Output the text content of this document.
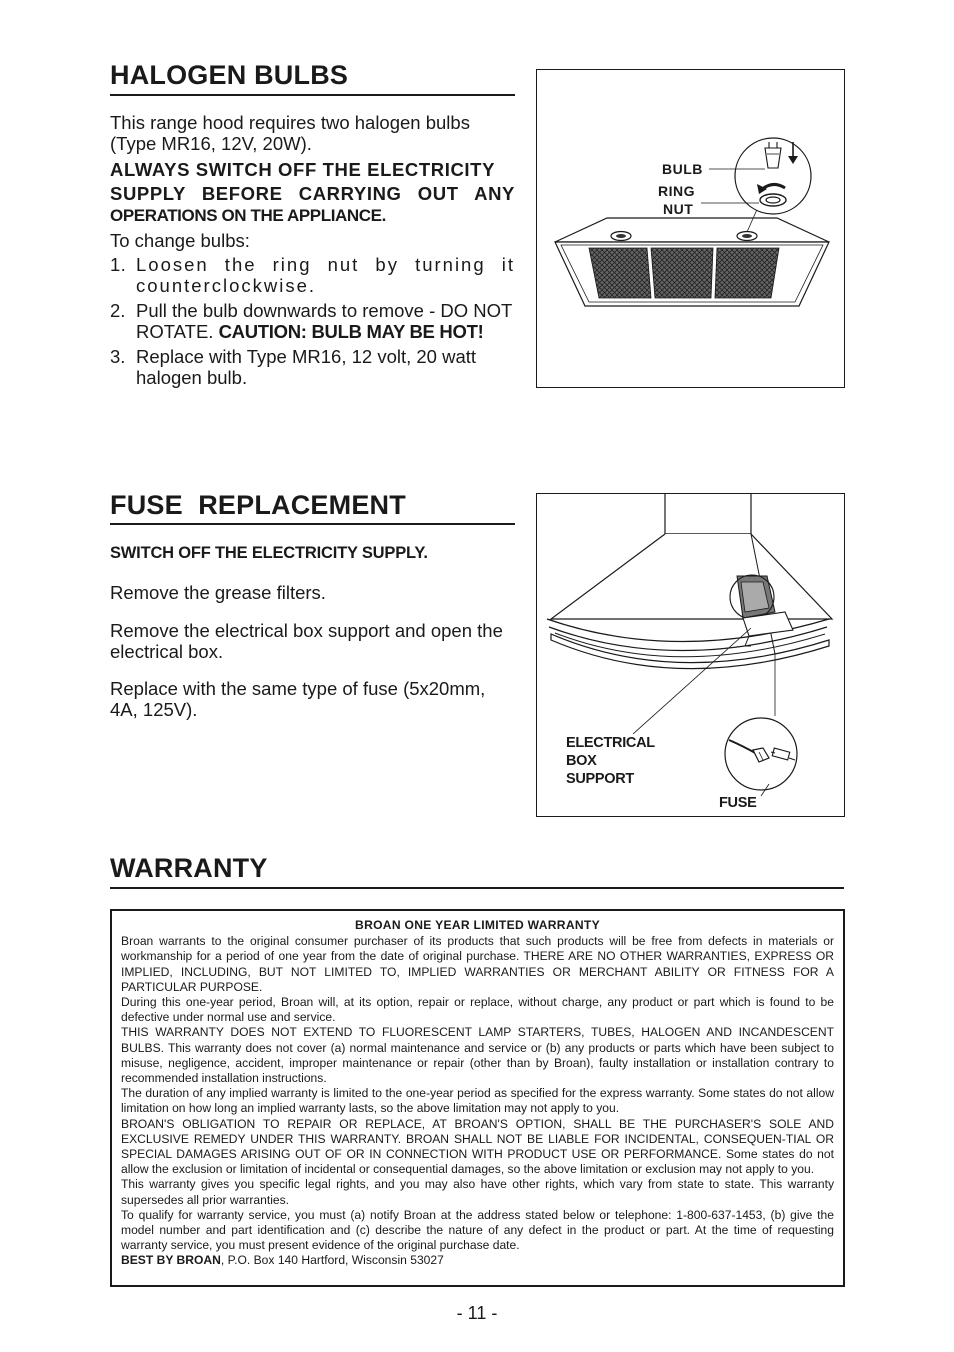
HALOGEN BULBS
This range hood requires two halogen bulbs (Type MR16, 12V, 20W).
ALWAYS SWITCH OFF THE ELECTRICITY
SUPPLY BEFORE CARRYING OUT ANY
OPERATIONS ON THE APPLIANCE.
To change bulbs:
1. Loosen the ring nut by turning it counterclockwise.
2. Pull the bulb downwards to remove - DO NOT ROTATE. CAUTION: BULB MAY BE HOT!
3. Replace with Type MR16, 12 volt, 20 watt halogen bulb.
BULB
RING
NUT
FUSE  REPLACEMENT
SWITCH OFF THE ELECTRICITY SUPPLY.
Remove the grease filters.
Remove the electrical box support and open the electrical box.
Replace with the same type of fuse (5x20mm, 4A, 125V).
ELECTRICAL
BOX
SUPPORT
FUSE
WARRANTY

BROAN ONE YEAR LIMITED WARRANTY

Broan warrants to the original consumer purchaser of its products that such products will be free from defects in materials or workmanship for a period of one year from the date of original purchase. THERE ARE NO OTHER WARRANTIES, EXPRESS OR IMPLIED, INCLUDING, BUT NOT LIMITED TO, IMPLIED WARRANTIES OR MERCHANT ABILITY OR FITNESS FOR A PARTICULAR PURPOSE.

During this one-year period, Broan will, at its option, repair or replace, without charge, any product or part which is found to be defective under normal use and service.

THIS WARRANTY DOES NOT EXTEND TO FLUORESCENT LAMP STARTERS, TUBES, HALOGEN AND INCANDESCENT BULBS. This warranty does not cover (a) normal maintenance and service or (b) any products or parts which have been subject to misuse, negligence, accident, improper maintenance or repair (other than by Broan), faulty installation or installation contrary to recommended installation instructions.

The duration of any implied warranty is limited to the one-year period as specified for the express warranty. Some states do not allow limitation on how long an implied warranty lasts, so the above limitation may not apply to you.

BROAN'S OBLIGATION TO REPAIR OR REPLACE, AT BROAN'S OPTION, SHALL BE THE PURCHASER'S SOLE AND EXCLUSIVE REMEDY UNDER THIS WARRANTY. BROAN SHALL NOT BE LIABLE FOR INCIDENTAL, CONSEQUEN-TIAL OR SPECIAL DAMAGES ARISING OUT OF OR IN CONNECTION WITH PRODUCT USE OR PERFORMANCE. Some states do not allow the exclusion or limitation of incidental or consequential damages, so the above limitation or exclusion may not apply to you.

This warranty gives you specific legal rights, and you may also have other rights, which vary from state to state. This warranty supersedes all prior warranties.

To qualify for warranty service, you must (a) notify Broan at the address stated below or telephone: 1-800-637-1453, (b) give the model number and part identification and (c) describe the nature of any defect in the product or part. At the time of requesting warranty service, you must present evidence of the original purchase date.

BEST BY BROAN, P.O. Box 140 Hartford, Wisconsin 53027

- 11 -
